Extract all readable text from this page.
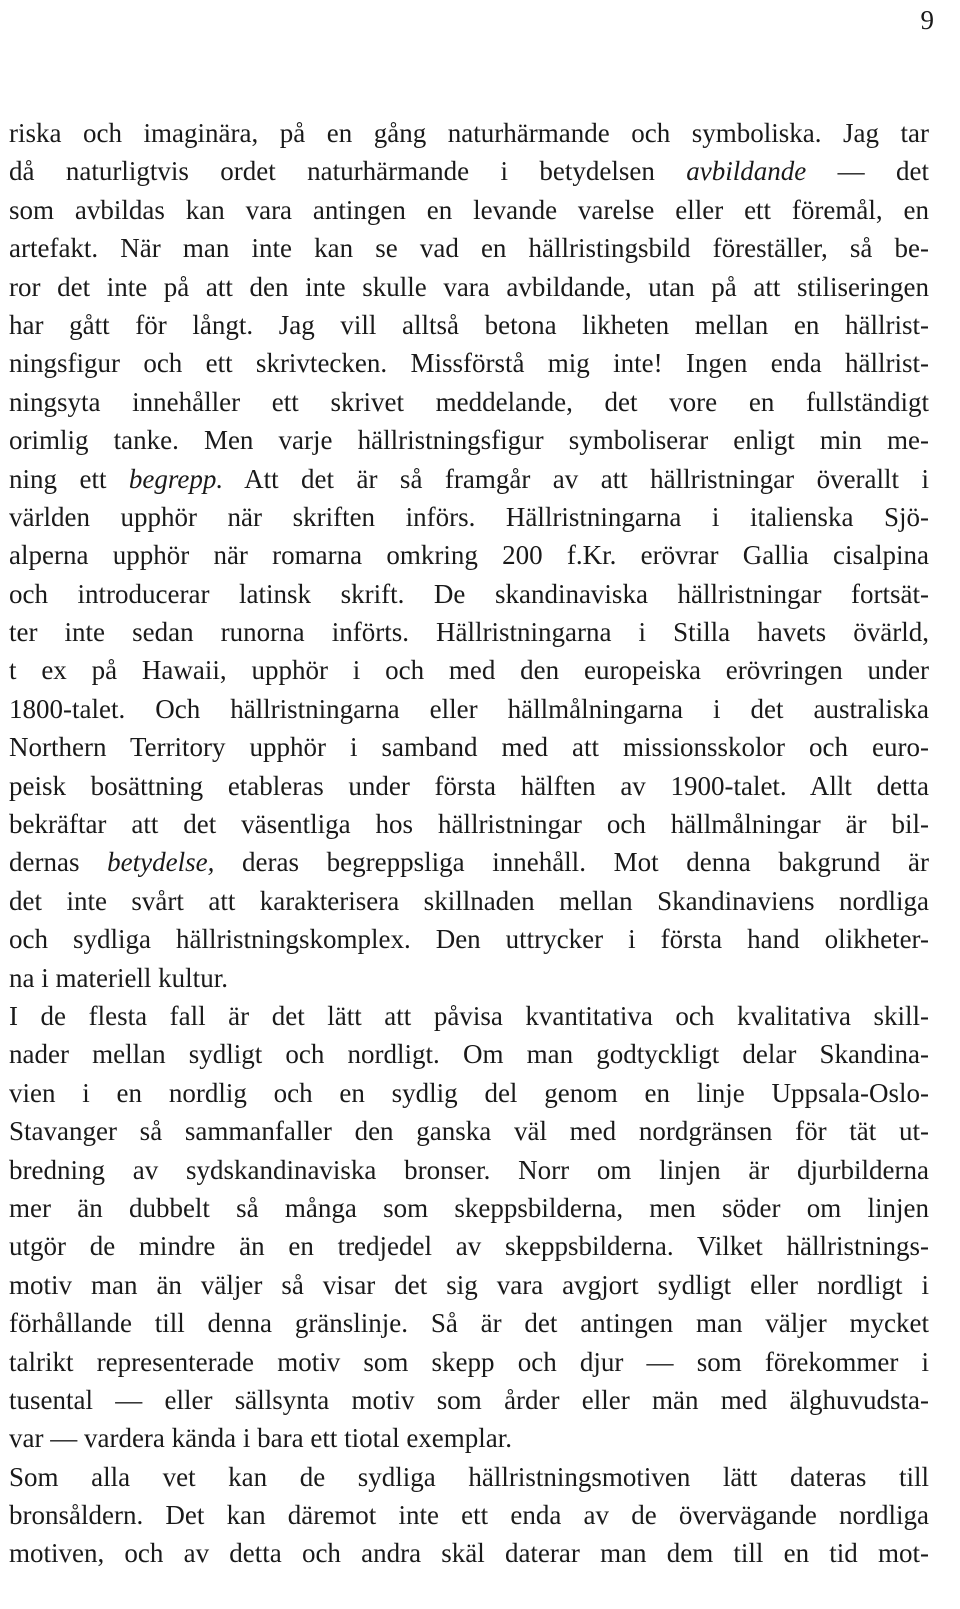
9
riska och imaginära, på en gång naturhärmande och symboliska. Jag tar
då naturligtvis ordet naturhärmande i betydelsen avbildande — det
som avbildas kan vara antingen en levande varelse eller ett föremål, en
artefakt. När man inte kan se vad en hällristingsbild föreställer, så be-
ror det inte på att den inte skulle vara avbildande, utan på att stiliseringen
har gått för långt. Jag vill alltså betona likheten mellan en hällrist-
ningsfigur och ett skrivtecken. Missförstå mig inte! Ingen enda hällrist-
ningsyta innehåller ett skrivet meddelande, det vore en fullständigt
orimlig tanke. Men varje hällristningsfigur symboliserar enligt min me-
ning ett begrepp. Att det är så framgår av att hällristningar överallt i
världen upphör när skriften införs. Hällristningarna i italienska Sjö-
alperna upphör när romarna omkring 200 f.Kr. erövrar Gallia cisalpina
och introducerar latinsk skrift. De skandinaviska hällristningar fortsät-
ter inte sedan runorna införts. Hällristningarna i Stilla havets övärld,
t ex på Hawaii, upphör i och med den europeiska erövringen under
1800-talet. Och hällristningarna eller hällmålningarna i det australiska
Northern Territory upphör i samband med att missionsskolor och euro-
peisk bosättning etableras under första hälften av 1900-talet. Allt detta
bekräftar att det väsentliga hos hällristningar och hällmålningar är bil-
dernas betydelse, deras begreppsliga innehåll. Mot denna bakgrund är
det inte svårt att karakterisera skillnaden mellan Skandinaviens nordliga
och sydliga hällristningskomplex. Den uttrycker i första hand olikheter-
na i materiell kultur.
I de flesta fall är det lätt att påvisa kvantitativa och kvalitativa skill-
nader mellan sydligt och nordligt. Om man godtyckligt delar Skandina-
vien i en nordlig och en sydlig del genom en linje Uppsala-Oslo-
Stavanger så sammanfaller den ganska väl med nordgränsen för tät ut-
bredning av sydskandinaviska bronser. Norr om linjen är djurbilderna
mer än dubbelt så många som skeppsbilderna, men söder om linjen
utgör de mindre än en tredjedel av skeppsbilderna. Vilket hällristnings-
motiv man än väljer så visar det sig vara avgjort sydligt eller nordligt i
förhållande till denna gränslinje. Så är det antingen man väljer mycket
talrikt representerade motiv som skepp och djur — som förekommer i
tusental — eller sällsynta motiv som årder eller män med älghuvudsta-
var — vardera kända i bara ett tiotal exemplar.
Som alla vet kan de sydliga hällristningsmotiven lätt dateras till
bronsåldern. Det kan däremot inte ett enda av de övervägande nordliga
motiven, och av detta och andra skäl daterar man dem till en tid mot-
